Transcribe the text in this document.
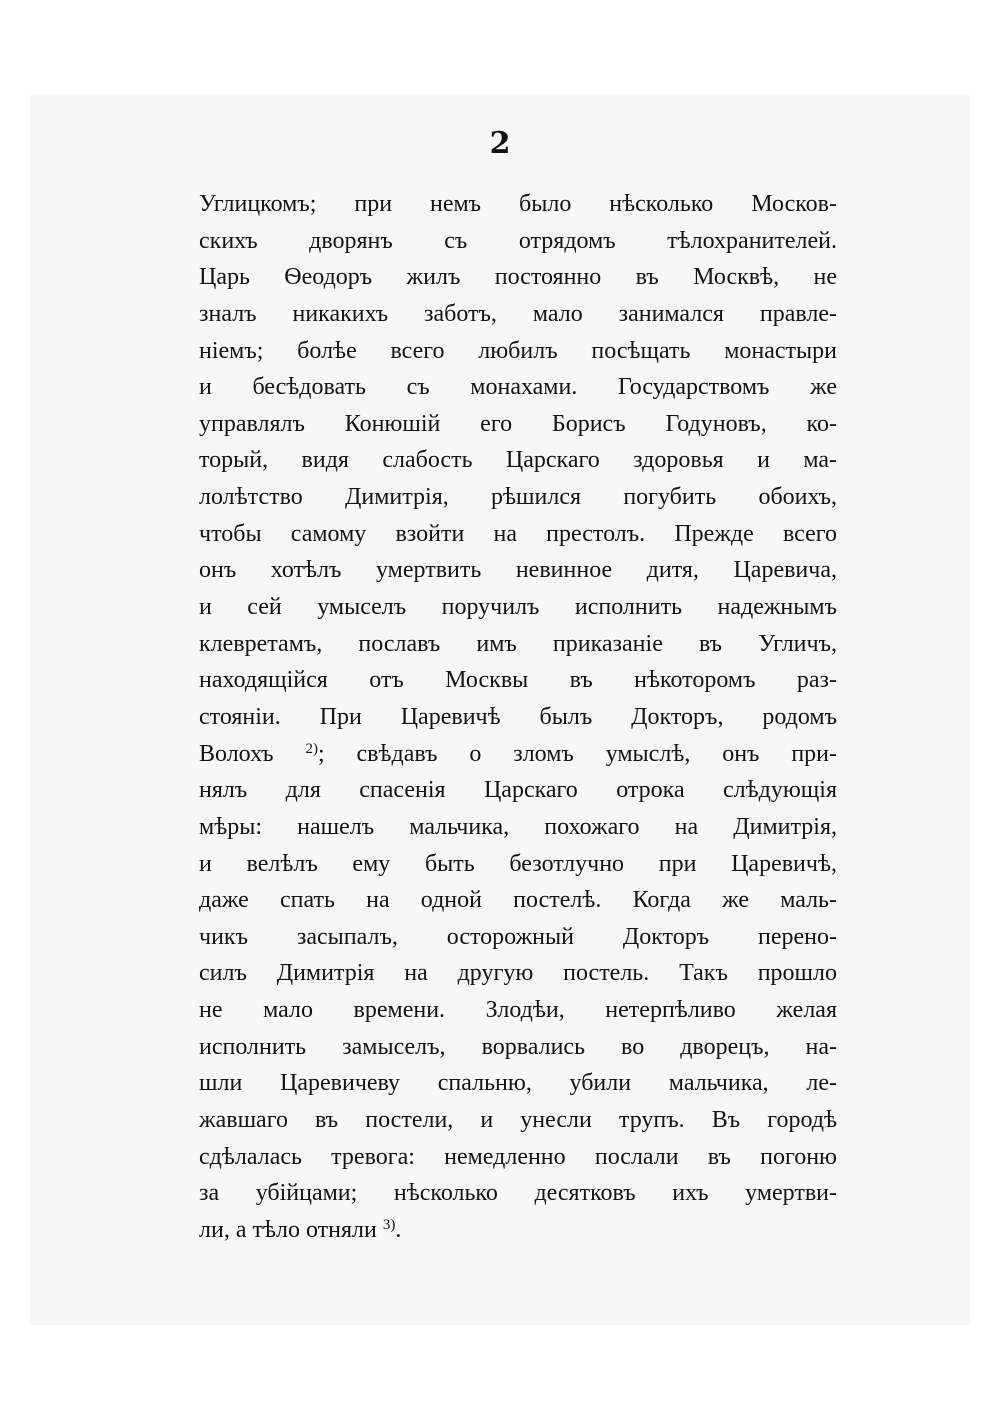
2
Углицкомъ; при немъ было нѣсколько Москов-
скихъ дворянъ съ отрядомъ тѣлохранителей.
Царь Ѳеодоръ жилъ постоянно въ Москвѣ, не
зналъ никакихъ заботъ, мало занимался правле-
ніемъ; болѣе всего любилъ посѣщать монастыри
и бесѣдовать съ монахами. Государствомъ же
управлялъ Конюшій его Борисъ Годуновъ, ко-
торый, видя слабость Царскаго здоровья и ма-
лолѣтство Димитрія, рѣшился погубить обоихъ,
чтобы самому взойти на престолъ. Прежде всего
онъ хотѣлъ умертвить невинное дитя, Царевича,
и сей умыселъ поручилъ исполнить надежнымъ
клевретамъ, пославъ имъ приказаніе въ Угличъ,
находящійся отъ Москвы въ нѣкоторомъ раз-
стояніи. При Царевичѣ былъ Докторъ, родомъ
Волохъ $^{2)}$; свѣдавъ о зломъ умыслѣ, онъ при-
нялъ для спасенія Царскаго отрока слѣдующія
мѣры: нашелъ мальчика, похожаго на Димитрія,
и велѣлъ ему быть безотлучно при Царевичѣ,
даже спать на одной постелѣ. Когда же маль-
чикъ засыпалъ, осторожный Докторъ перено-
силъ Димитрія на другую постель. Такъ прошло
не мало времени. Злодѣи, нетерпѣливо желая
исполнить замыселъ, ворвались во дворецъ, на-
шли Царевичеву спальню, убили мальчика, ле-
жавшаго въ постели, и унесли трупъ. Въ городѣ
сдѣлалась тревога: немедленно послали въ погоню
за убійцами; нѣсколько десятковъ ихъ умертви-
ли, а тѣло отняли $^{3)}$.
